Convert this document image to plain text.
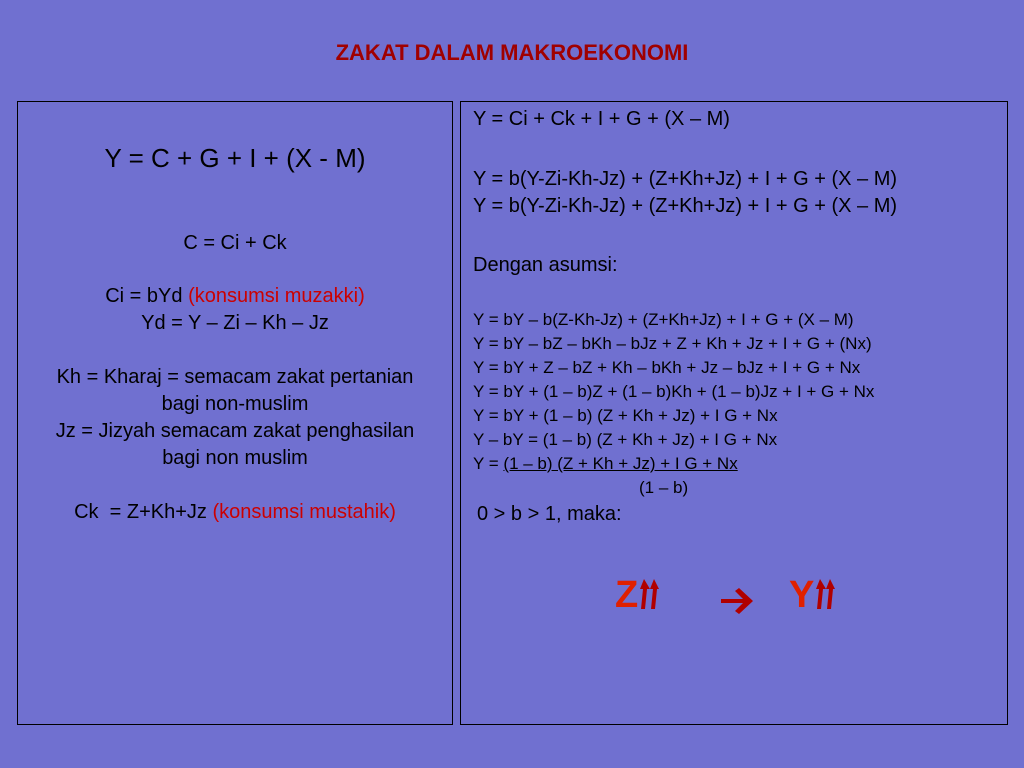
ZAKAT DALAM MAKROEKONOMI
Y = C + G + I + (X - M)
C = Ci + Ck
Ci = bYd (konsumsi muzakki)
Yd = Y – Zi – Kh – Jz
Kh = Kharaj = semacam zakat pertanian
bagi non-muslim
Jz = Jizyah semacam zakat penghasilan
bagi non muslim
Ck  = Z+Kh+Jz (konsumsi mustahik)
Y = Ci + Ck + I + G + (X – M)
Y = b(Y-Zi-Kh-Jz) + (Z+Kh+Jz) + I + G + (X – M)
Y = b(Y-Zi-Kh-Jz) + (Z+Kh+Jz) + I + G + (X – M)
Dengan asumsi:
Y = bY – b(Z-Kh-Jz) + (Z+Kh+Jz) + I + G + (X – M)
Y = bY – bZ – bKh – bJz + Z + Kh + Jz + I + G + (Nx)
Y = bY + Z – bZ + Kh – bKh + Jz – bJz + I + G + Nx
Y = bY + (1 – b)Z + (1 – b)Kh + (1 – b)Jz + I + G + Nx
Y = bY + (1 – b) (Z + Kh + Jz) + I G + Nx
Y – bY = (1 – b) (Z + Kh + Jz) + I G + Nx
Y = (1 – b) (Z + Kh + Jz) + I G + Nx
(1 – b)
0 > b > 1, maka:
Z	Y
